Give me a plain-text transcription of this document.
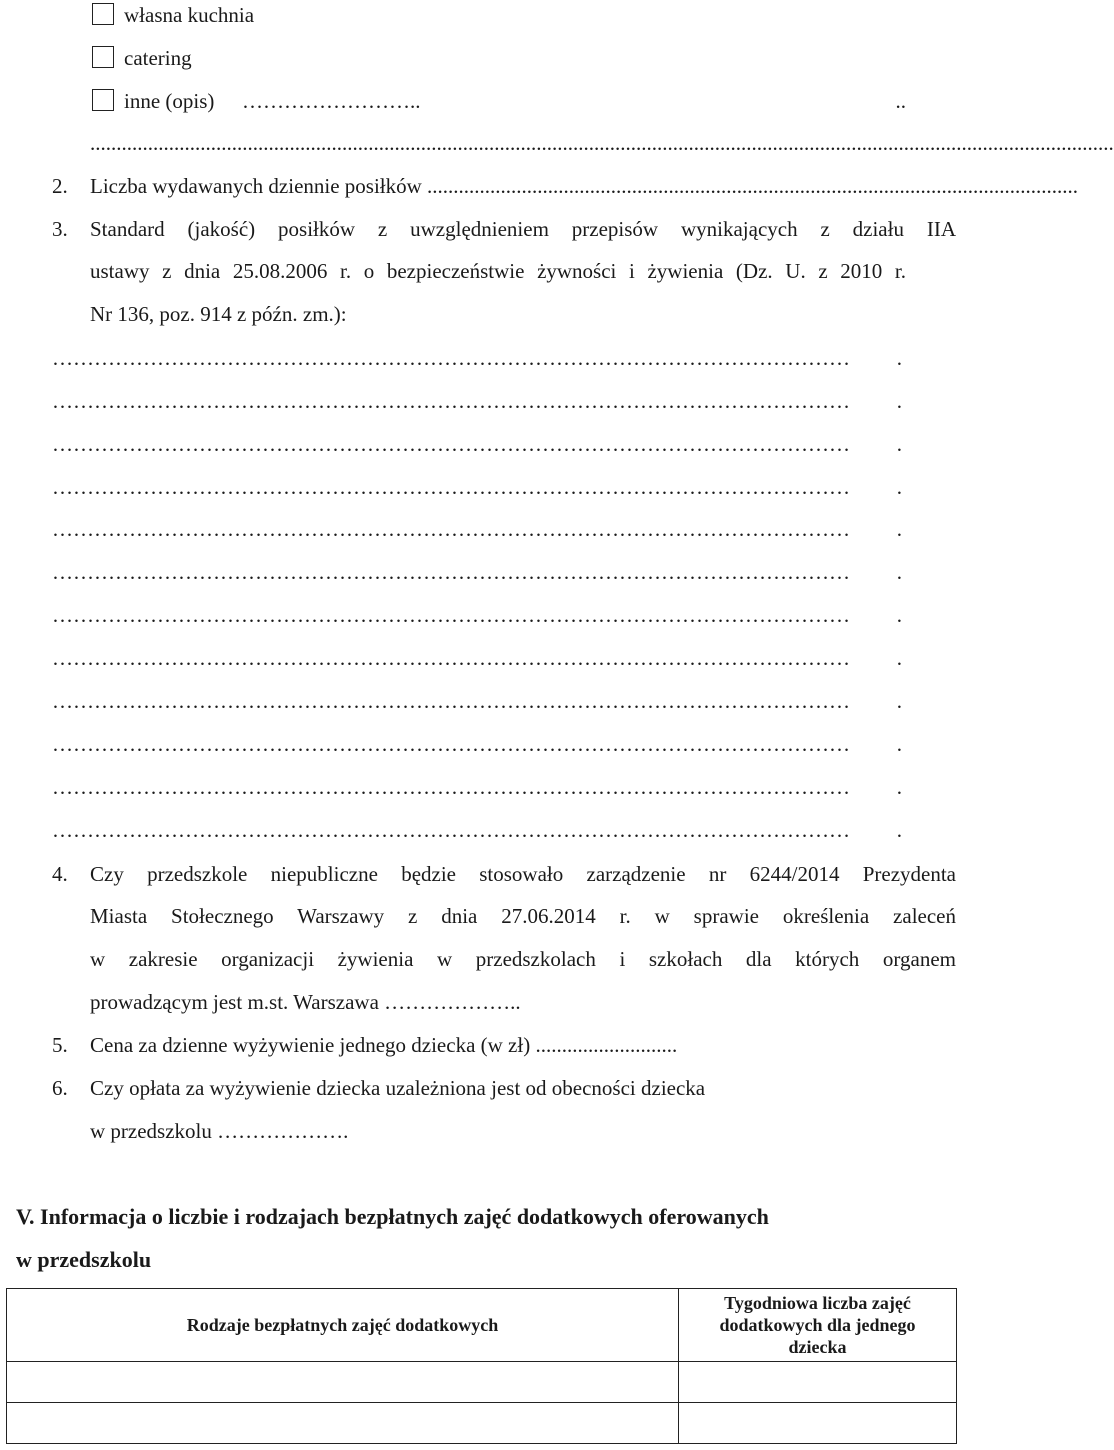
własna kuchnia
catering
inne (opis) ……………………..	..
...................................................................................................................................................................................................
2. Liczba wydawanych dziennie posiłków ............................................................................................................................
3. Standard (jakość) posiłków z uwzględnieniem przepisów wynikających z działu IIA
ustawy z dnia 25.08.2006 r. o bezpieczeństwie żywności i żywienia (Dz. U. z 2010 r.
Nr 136, poz. 914 z późn. zm.):
……………………………………………………………………………………………………	.
……………………………………………………………………………………………………	.
……………………………………………………………………………………………………	.
……………………………………………………………………………………………………	.
……………………………………………………………………………………………………	.
……………………………………………………………………………………………………	.
……………………………………………………………………………………………………	.
……………………………………………………………………………………………………	.
……………………………………………………………………………………………………	.
……………………………………………………………………………………………………	.
……………………………………………………………………………………………………	.
……………………………………………………………………………………………………	.
4. Czy przedszkole niepubliczne będzie stosowało zarządzenie nr 6244/2014 Prezydenta
Miasta Stołecznego Warszawy z dnia 27.06.2014 r. w sprawie określenia zaleceń
w zakresie organizacji żywienia w przedszkolach i szkołach dla których organem
prowadzącym jest m.st. Warszawa ………………..
5. Cena za dzienne wyżywienie jednego dziecka (w zł) ...........................
6. Czy opłata za wyżywienie dziecka uzależniona jest od obecności dziecka
w przedszkolu ……………….
V. Informacja o liczbie i rodzajach bezpłatnych zajęć dodatkowych oferowanych
w przedszkolu
Rodzaje bezpłatnych zajęć dodatkowych	Tygodniowa liczba zajęć
dodatkowych dla jednego
dziecka
